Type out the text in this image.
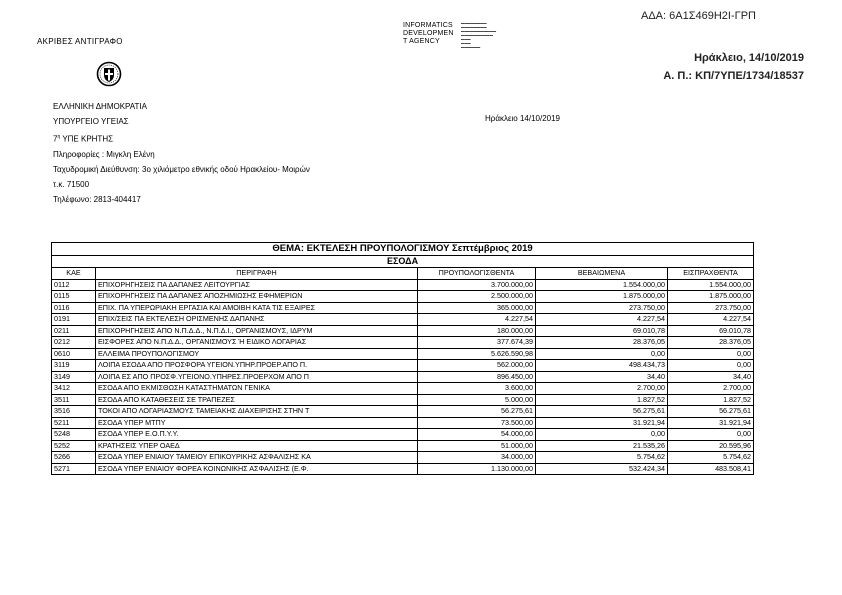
ΑΔΑ: 6Α1Σ469Η2Ι-ΓΡΠ
ΑΚΡΙΒΕΣ ΑΝΤΙΓΡΑΦΟ
INFORMATICS
DEVELOPMEN
T AGENCY
▬▬▬▬▬▬▬▬
▬▬▬▬▬▬▬▬
▬▬▬▬▬▬▬▬▬▬▬
▬▬▬▬▬▬▬▬▬▬
▬▬▬
▬▬▬
▬▬▬▬▬▬
Ηράκλειο, 14/10/2019
Α. Π.: ΚΠ/7ΥΠΕ/1734/18537
ΕΛΛΗΝΙΚΗ ΔΗΜΟΚΡΑΤΙΑ
ΥΠΟΥΡΓΕΙΟ ΥΓΕΙΑΣ
$7^\eta$ ΥΠΕ ΚΡΗΤΗΣ
Πληροφορίες : Μιγκλη Ελένη
Ταχυδρομική Διεύθυνση: 3ο χιλιόμετρο εθνικής οδού Ηρακλείου- Μοιρών
τ.κ. 71500
Τηλέφωνο: 2813-404417
Ηράκλειο 14/10/2019
ΘΕΜΑ: ΕΚΤΕΛΕΣΗ ΠΡΟΥΠΟΛΟΓΙΣΜΟΥ Σεπτέμβριος 2019				
ΕΣΟΔΑ				
ΚΑΕ	ΠΕΡΙΓΡΑΦΗ	ΠΡΟΥΠΟΛΟΓΙΣΘΕΝΤΑ	ΒΕΒΑΙΩΜΕΝΑ	ΕΙΣΠΡΑΧΘΕΝΤΑ
0112	ΕΠΙΧΟΡΗΓΗΣΕΙΣ ΠΑ ΔΑΠΑΝΕΣ ΛΕΙΤΟΥΡΓΙΑΣ	3.700.000,00	1.554.000,00	1.554.000,00
0115	ΕΠΙΧΟΡΗΓΗΣΕΙΣ ΠΑ ΔΑΠΑΝΕΣ ΑΠΟΖΗΜΙΩΣΗΣ ΕΦΗΜΕΡΙΩΝ	2.500.000,00	1.875.000,00	1.875.000,00
0116	ΕΠΙΧ. ΠΑ ΥΠΕΡΩΡΙΑΚΗ ΕΡΓΑΣΙΑ ΚΑΙ ΑΜΟΙΒΗ ΚΑΤΑ ΤΙΣ ΕΞΑΙΡΕΣ	365.000,00	273.750,00	273.750,00
0191	ΕΠΙΧ/ΣΕΙΣ ΠΑ ΕΚΤΕΛΕΣΗ ΟΡΙΣΜΕΝΗΣ ΔΑΠΑΝΗΣ	4.227,54	4.227,54	4.227,54
0211	ΕΠΙΧΟΡΗΓΗΣΕΙΣ ΑΠΟ Ν.Π.Δ.Δ., Ν.Π.Δ.Ι., ΟΡΓΑΝΙΣΜΟΥΣ, ΙΔΡΥΜ	180.000,00	69.010,78	69.010,78
0212	ΕΙΣΦΟΡΕΣ ΑΠΟ Ν.Π.Δ.Δ., ΟΡΓΑΝΙΣΜΟΥΣ Ή ΕΙΔΙΚΟ ΛΟΓΑΡΙΑΣ	377.674,39	28.376,05	28.376,05
0610	ΕΛΛΕΙΜΑ ΠΡΟΥΠΟΛΟΓΙΣΜΟΥ	5.626.590,98	0,00	0,00
3119	ΛΟΙΠΑ ΕΣΟΔΑ ΑΠΟ ΠΡΟΣΦΟΡΑ ΥΓΕΙΟΝ.ΥΠΗΡ.ΠΡΟΕΡ.ΑΠΟ Π.	562.000,00	498.434,73	0,00
3149	ΛΟΙΠΑ ΕΣ ΑΠΟ ΠΡΟΣΦ.ΥΓΕΙΟΝΟ.ΥΠΗΡΕΣ.ΠΡΟΕΡΧΟΜ ΑΠΟ Π	896.450,00	34,40	34,40
3412	ΕΣΟΔΑ ΑΠΟ ΕΚΜΙΣΘΩΣΗ ΚΑΤΑΣΤΗΜΑΤΩΝ ΓΕΝΙΚΑ	3.600,00	2.700,00	2.700,00
3511	ΕΣΟΔΑ ΑΠΟ ΚΑΤΑΘΕΣΕΙΣ ΣΕ ΤΡΑΠΕΖΕΣ	5.000,00	1.827,52	1.827,52
3516	ΤΟΚΟΙ ΑΠΟ ΛΟΓΑΡΙΑΣΜΟΥΣ ΤΑΜΕΙΑΚΗΣ ΔΙΑΧΕΙΡΙΣΗΣ ΣΤΗΝ Τ	56.275,61	56.275,61	56.275,61
5211	ΕΣΟΔΑ ΥΠΕΡ ΜΤΠΥ	73.500,00	31.921,94	31.921,94
5248	ΕΣΟΔΑ ΥΠΕΡ Ε.Ο.Π.Υ.Υ.	54.000,00	0,00	0,00
5252	ΚΡΑΤΗΣΕΙΣ ΥΠΕΡ ΟΑΕΔ	51.000,00	21.535,26	20.595,96
5266	ΕΣΟΔΑ ΥΠΕΡ ΕΝΙΑΙΟΥ ΤΑΜΕΙΟΥ ΕΠΙΚΟΥΡΙΚΗΣ ΑΣΦΑΛΙΣΗΣ ΚΑ	34.000,00	5.754,62	5.754,62
5271	ΕΣΟΔΑ ΥΠΕΡ ΕΝΙΑΙΟΥ ΦΟΡΕΑ ΚΟΙΝΩΝΙΚΗΣ ΑΣΦΑΛΙΣΗΣ (Ε.Φ.	1.130.000,00	532.424,34	483.508,41
